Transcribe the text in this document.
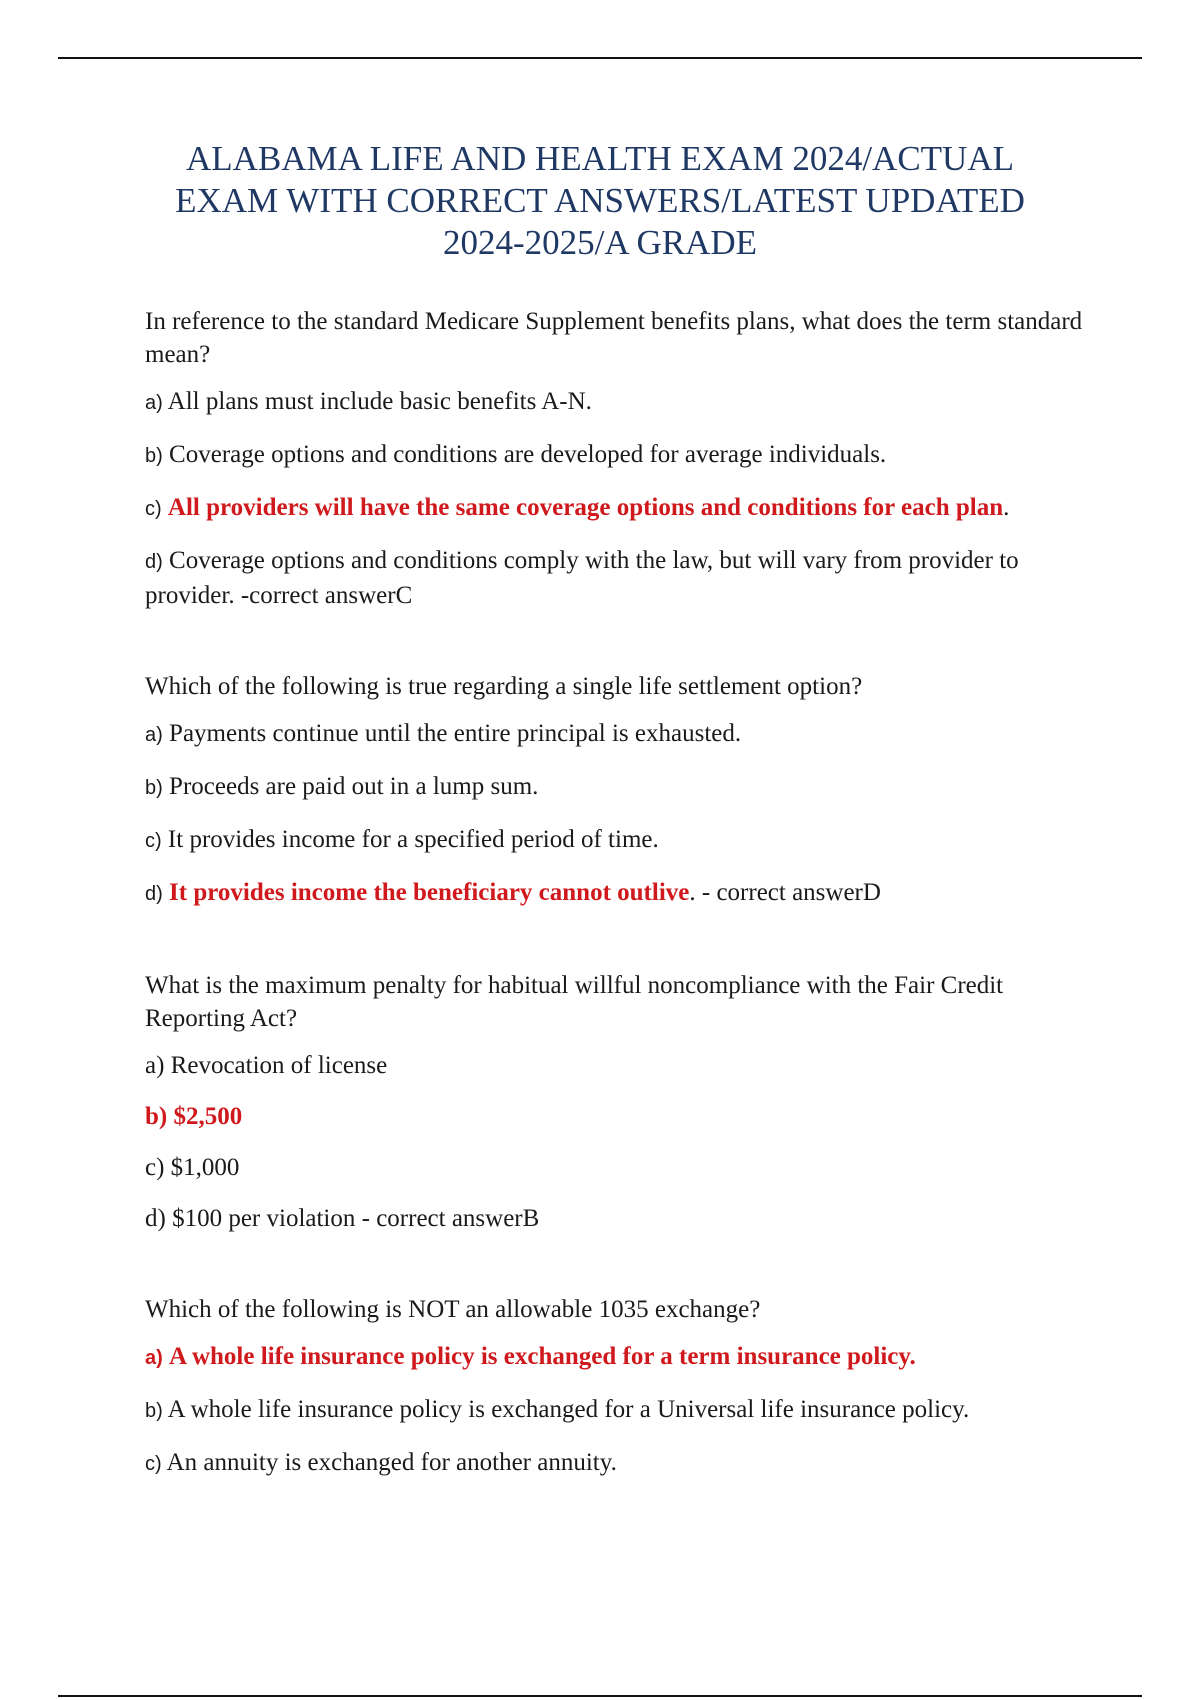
ALABAMA LIFE AND HEALTH EXAM 2024/ACTUAL
EXAM WITH CORRECT ANSWERS/LATEST UPDATED
2024-2025/A GRADE

In reference to the standard Medicare Supplement benefits plans, what does the term standard mean?

a) All plans must include basic benefits A-N.

b) Coverage options and conditions are developed for average individuals.

c) All providers will have the same coverage options and conditions for each plan.

d) Coverage options and conditions comply with the law, but will vary from provider to provider. -correct answerC

Which of the following is true regarding a single life settlement option?

a) Payments continue until the entire principal is exhausted.

b) Proceeds are paid out in a lump sum.

c) It provides income for a specified period of time.

d) It provides income the beneficiary cannot outlive. - correct answerD

What is the maximum penalty for habitual willful noncompliance with the Fair Credit Reporting Act?

a) Revocation of license

b) $2,500

c) $1,000

d) $100 per violation - correct answerB

Which of the following is NOT an allowable 1035 exchange?

a) A whole life insurance policy is exchanged for a term insurance policy.

b) A whole life insurance policy is exchanged for a Universal life insurance policy.

c) An annuity is exchanged for another annuity.
